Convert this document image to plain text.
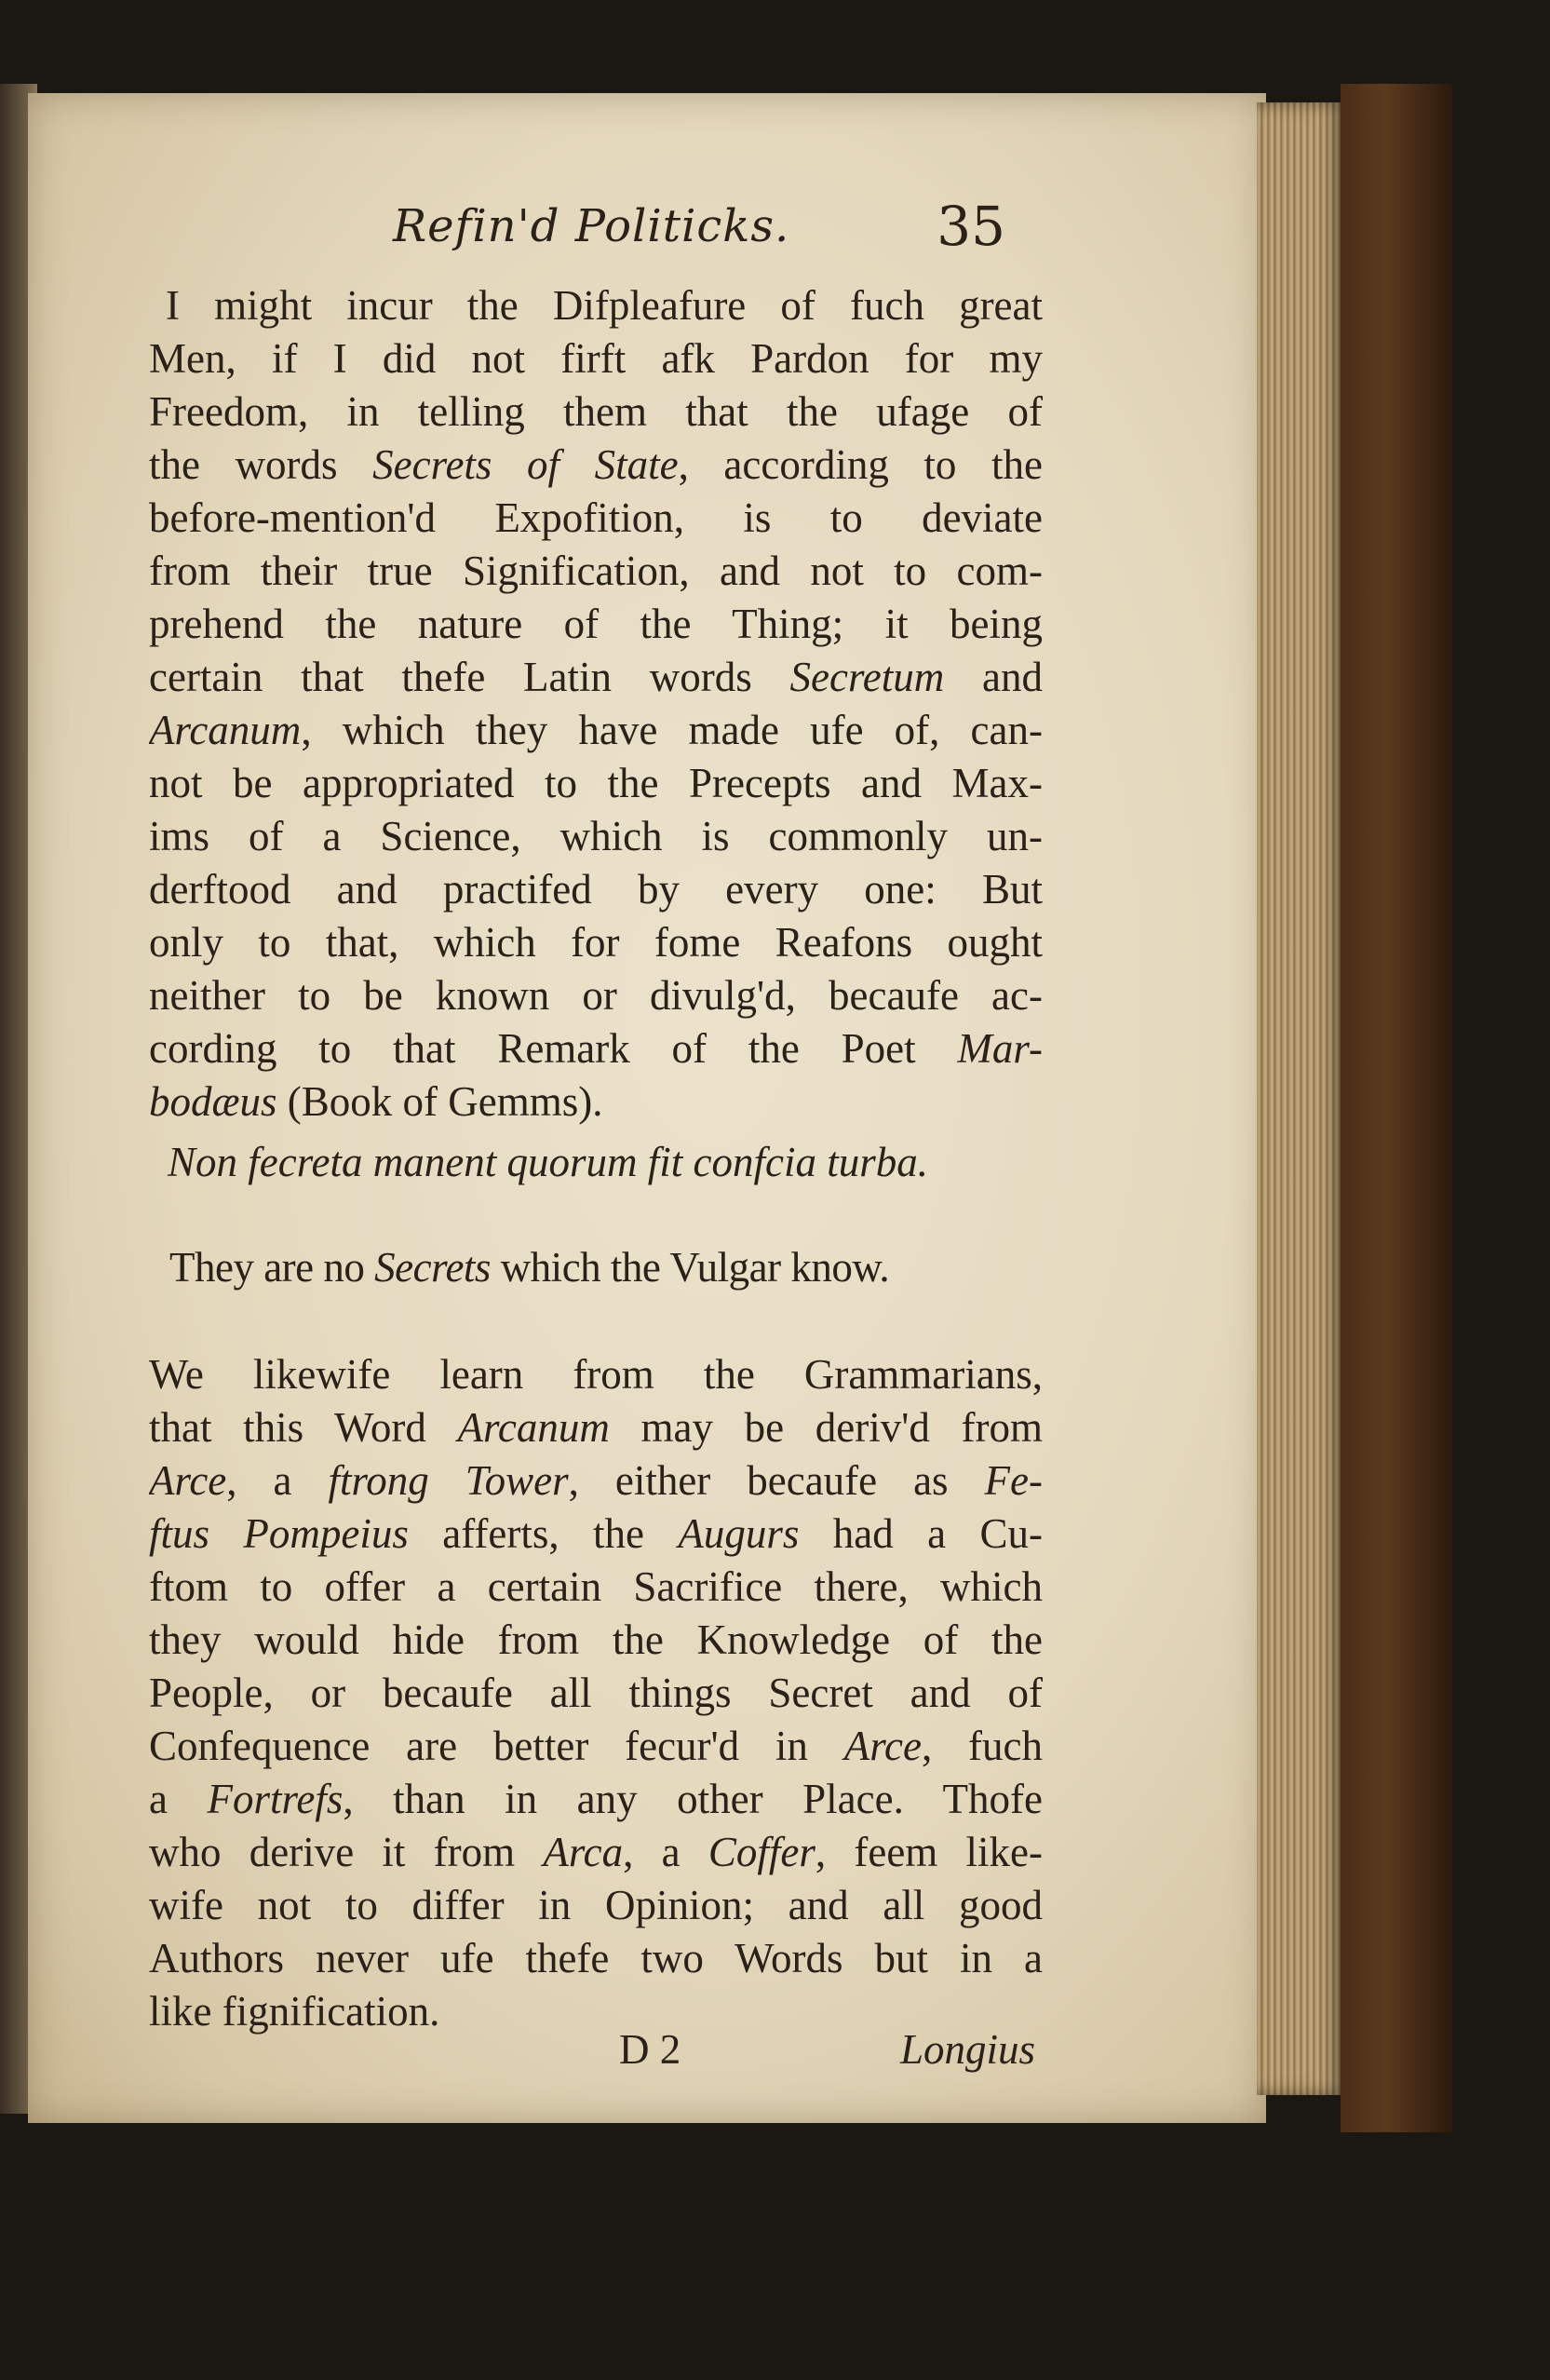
Refin'd Politicks.	35
I might incur the Difpleafure of fuch great
Men, if I did not firft afk Pardon for my
Freedom, in telling them that the ufage of
the words Secrets of State, according to the
before-mention'd Expofition, is to deviate
from their true Signification, and not to com-
prehend the nature of the Thing; it being
certain that thefe Latin words Secretum and
Arcanum, which they have made ufe of, can-
not be appropriated to the Precepts and Max-
ims of a Science, which is commonly un-
derftood and practifed by every one: But
only to that, which for fome Reafons ought
neither to be known or divulg'd, becaufe ac-
cording to that Remark of the Poet Mar-
bodæus (Book of Gemms).
Non fecreta manent quorum fit confcia turba.
They are no Secrets which the Vulgar know.
We likewife learn from the Grammarians,
that this Word Arcanum may be deriv'd from
Arce, a ftrong Tower, either becaufe as Fe-
ftus Pompeius afferts, the Augurs had a Cu-
ftom to offer a certain Sacrifice there, which
they would hide from the Knowledge of the
People, or becaufe all things Secret and of
Confequence are better fecur'd in Arce, fuch
a Fortrefs, than in any other Place. Thofe
who derive it from Arca, a Coffer, feem like-
wife not to differ in Opinion; and all good
Authors never ufe thefe two Words but in a
like fignification.
D 2	Longius
